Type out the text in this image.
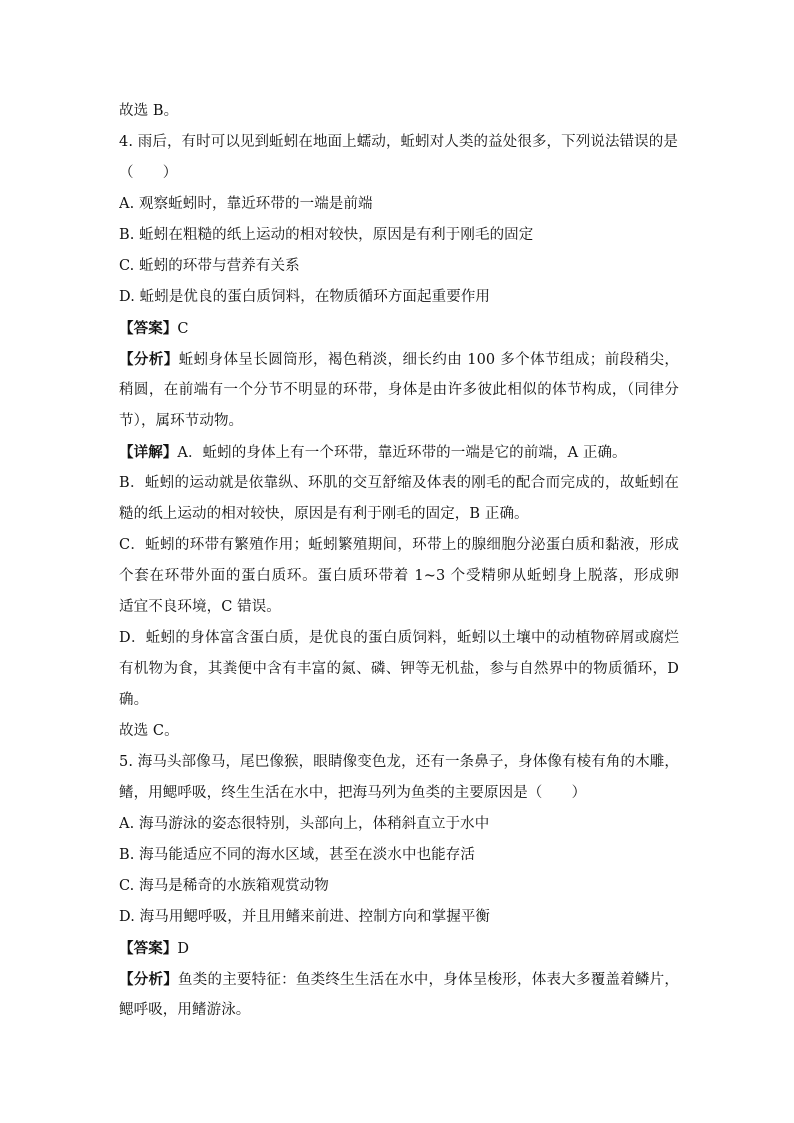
故选 B。
4. 雨后，有时可以见到蚯蚓在地面上蠕动，蚯蚓对人类的益处很多，下列说法错误的是
（　　）
A. 观察蚯蚓时，靠近环带的一端是前端
B. 蚯蚓在粗糙的纸上运动的相对较快，原因是有利于刚毛的固定
C. 蚯蚓的环带与营养有关系
D. 蚯蚓是优良的蛋白质饲料，在物质循环方面起重要作用
【答案】C
【分析】蚯蚓身体呈长圆筒形，褐色稍淡，细长约由 100 多个体节组成；前段稍尖，
稍圆，在前端有一个分节不明显的环带，身体是由许多彼此相似的体节构成，（同律分
节），属环节动物。
【详解】A．蚯蚓的身体上有一个环带，靠近环带的一端是它的前端，A 正确。
B．蚯蚓的运动就是依靠纵、环肌的交互舒缩及体表的刚毛的配合而完成的，故蚯蚓在
糙的纸上运动的相对较快，原因是有利于刚毛的固定，B 正确。
C．蚯蚓的环带有繁殖作用；蚯蚓繁殖期间，环带上的腺细胞分泌蛋白质和黏液，形成
个套在环带外面的蛋白质环。蛋白质环带着 1~3 个受精卵从蚯蚓身上脱落，形成卵
适宜不良环境，C 错误。
D．蚯蚓的身体富含蛋白质，是优良的蛋白质饲料，蚯蚓以土壤中的动植物碎屑或腐烂
有机物为食，其粪便中含有丰富的氮、磷、钾等无机盐，参与自然界中的物质循环，D
确。
故选 C。
5. 海马头部像马，尾巴像猴，眼睛像变色龙，还有一条鼻子，身体像有棱有角的木雕，
鳍，用鳃呼吸，终生生活在水中，把海马列为鱼类的主要原因是（　　）
A. 海马游泳的姿态很特别，头部向上，体稍斜直立于水中
B. 海马能适应不同的海水区域，甚至在淡水中也能存活
C. 海马是稀奇的水族箱观赏动物
D. 海马用鳃呼吸，并且用鳍来前进、控制方向和掌握平衡
【答案】D
【分析】鱼类的主要特征：鱼类终生生活在水中，身体呈梭形，体表大多覆盖着鳞片，
鳃呼吸，用鳍游泳。
